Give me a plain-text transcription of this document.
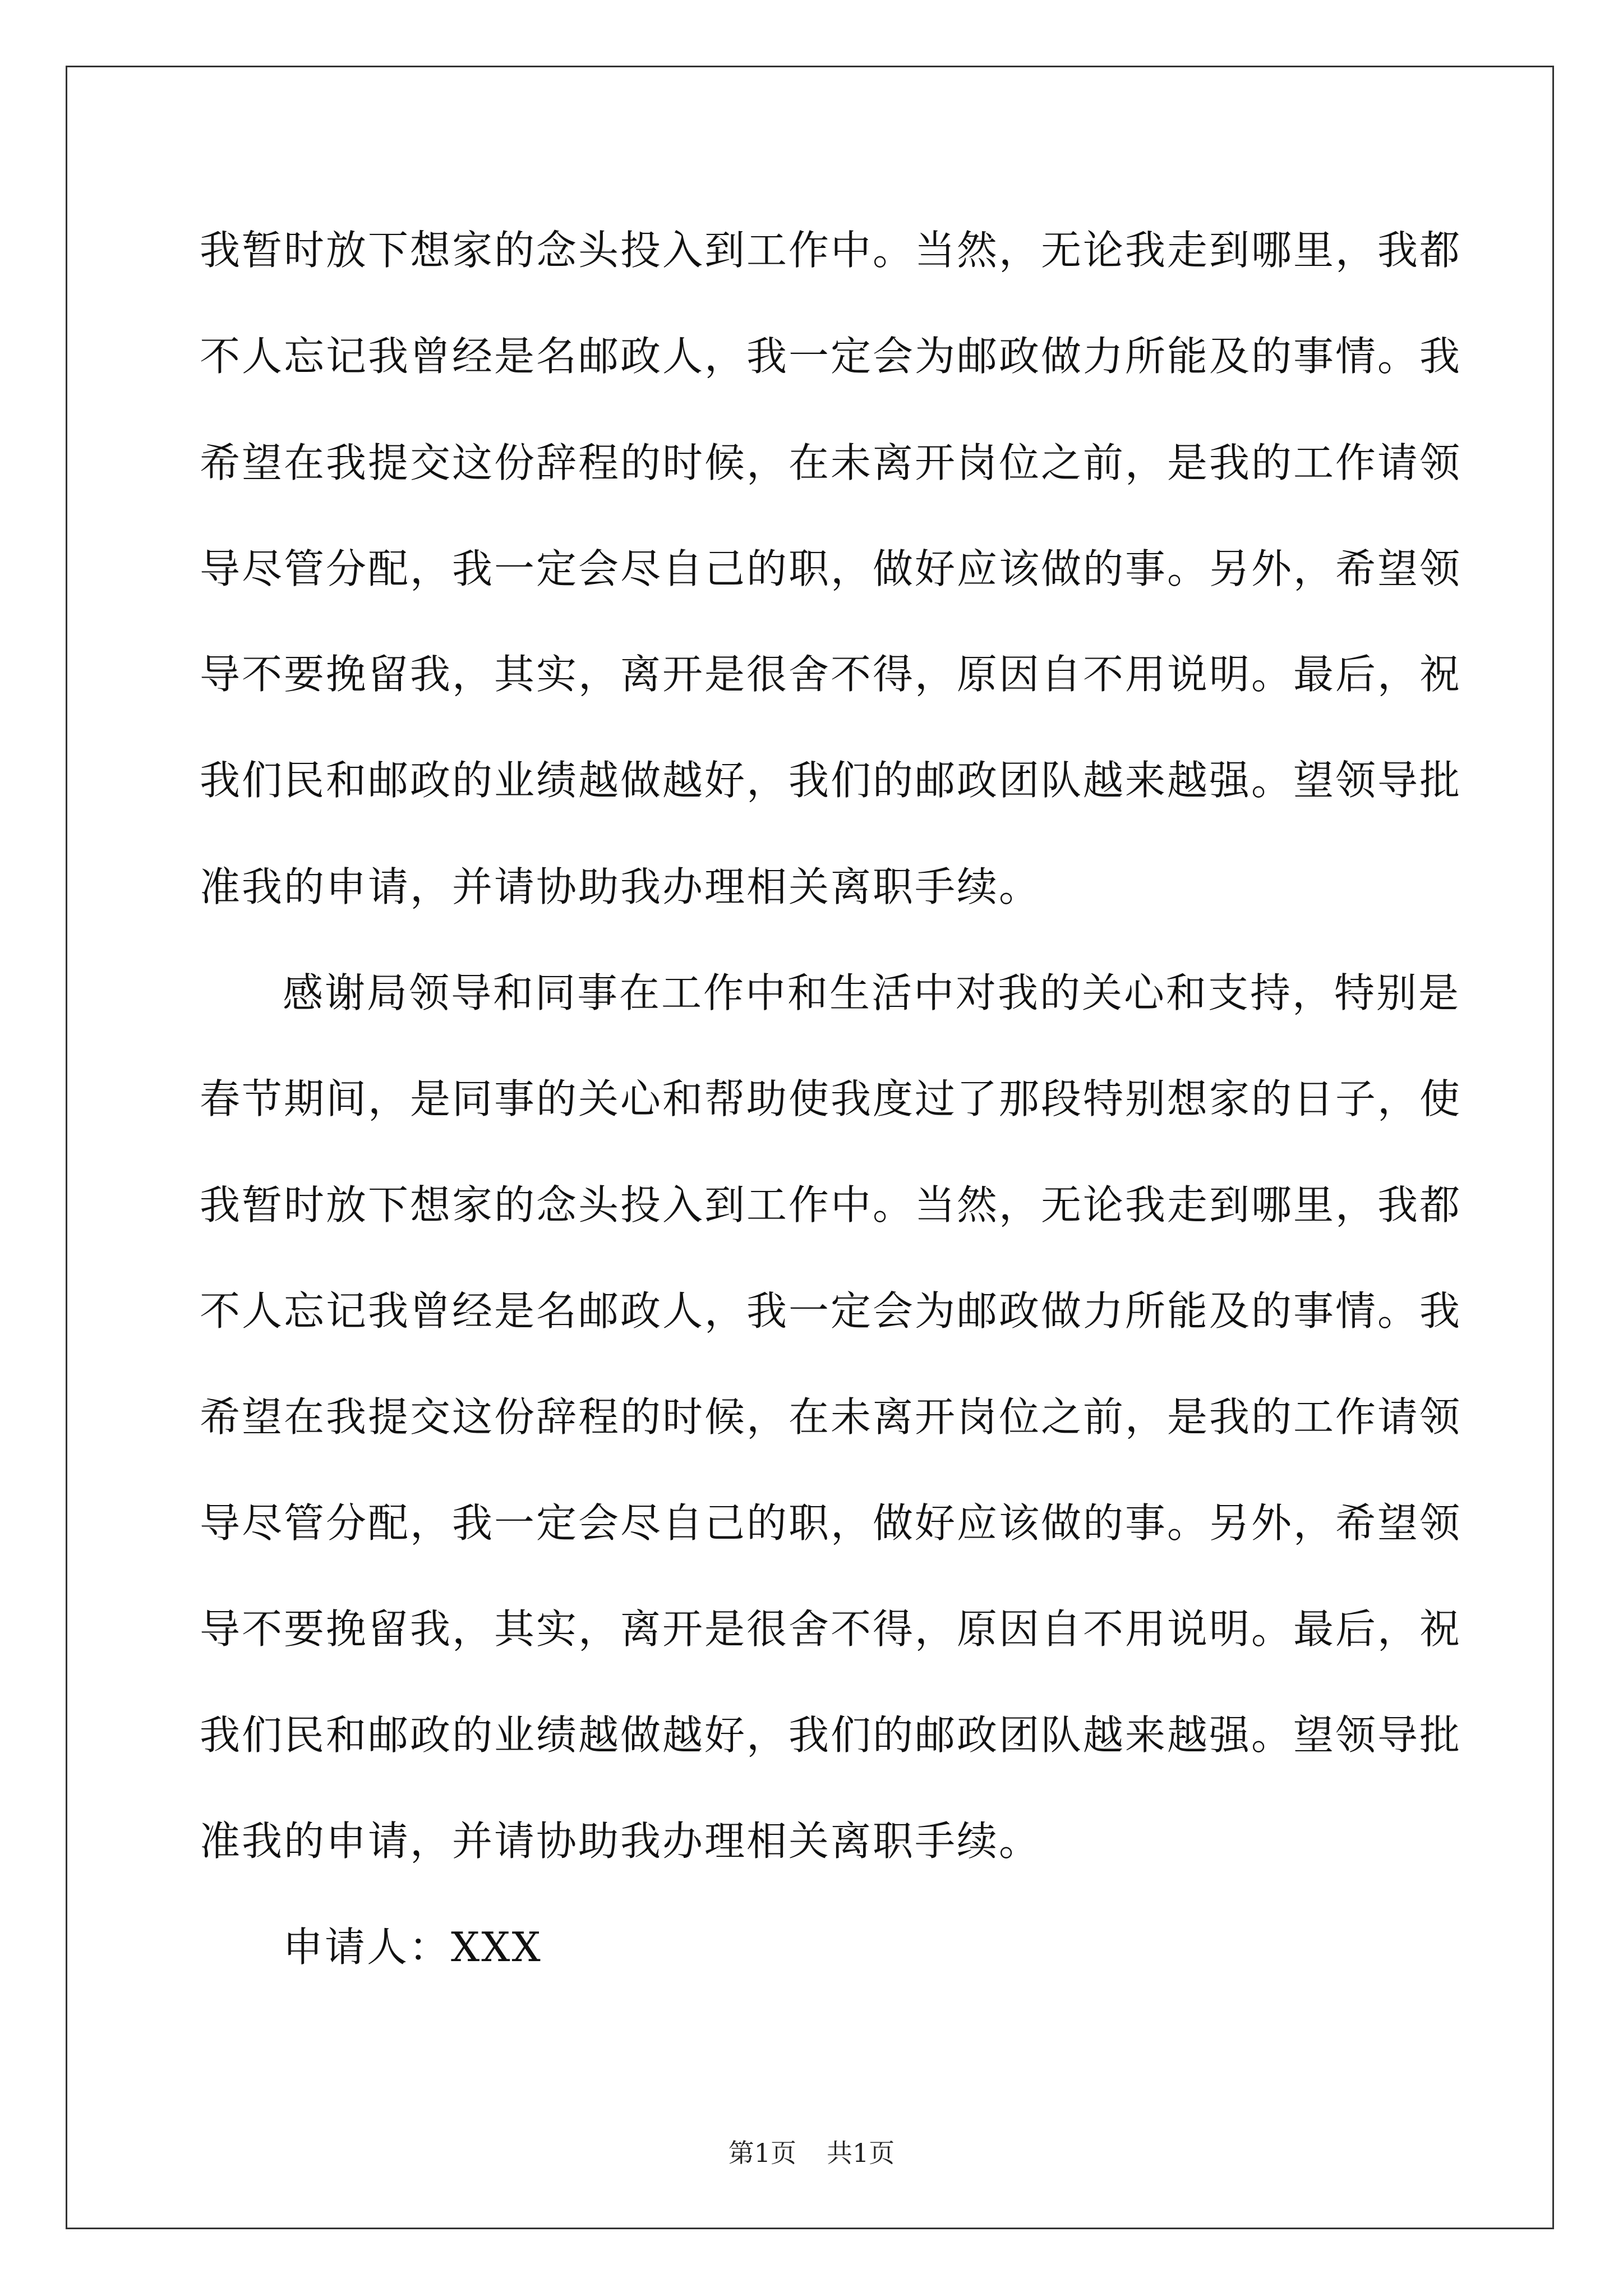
我暂时放下想家的念头投入到工作中。当然，无论我走到哪里，我都
不人忘记我曾经是名邮政人，我一定会为邮政做力所能及的事情。我
希望在我提交这份辞程的时候，在未离开岗位之前，是我的工作请领
导尽管分配，我一定会尽自己的职，做好应该做的事。另外，希望领
导不要挽留我，其实，离开是很舍不得，原因自不用说明。最后，祝
我们民和邮政的业绩越做越好，我们的邮政团队越来越强。望领导批
准我的申请，并请协助我办理相关离职手续。
感谢局领导和同事在工作中和生活中对我的关心和支持，特别是
春节期间，是同事的关心和帮助使我度过了那段特别想家的日子，使
我暂时放下想家的念头投入到工作中。当然，无论我走到哪里，我都
不人忘记我曾经是名邮政人，我一定会为邮政做力所能及的事情。我
希望在我提交这份辞程的时候，在未离开岗位之前，是我的工作请领
导尽管分配，我一定会尽自己的职，做好应该做的事。另外，希望领
导不要挽留我，其实，离开是很舍不得，原因自不用说明。最后，祝
我们民和邮政的业绩越做越好，我们的邮政团队越来越强。望领导批
准我的申请，并请协助我办理相关离职手续。
申请人：XXX
第1页 共1页
